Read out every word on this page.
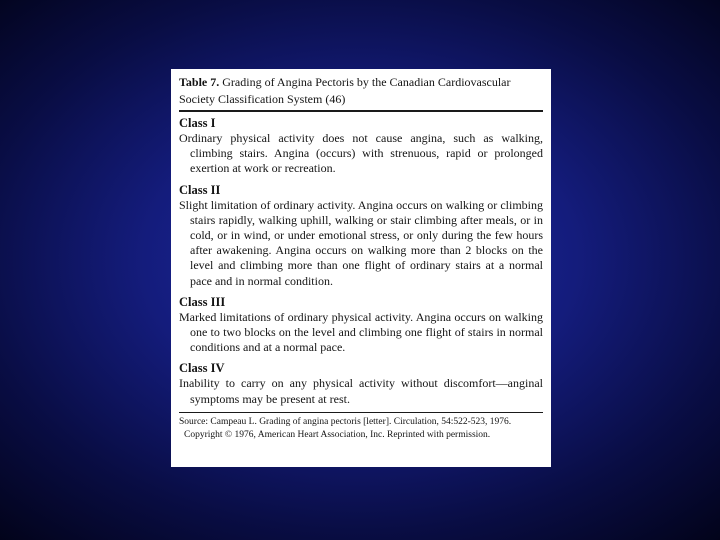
Table 7. Grading of Angina Pectoris by the Canadian Cardiovascular Society Classification System (46)

Class I

Ordinary physical activity does not cause angina, such as walking, climbing stairs. Angina (occurs) with strenuous, rapid or prolonged exertion at work or recreation.

Class II

Slight limitation of ordinary activity. Angina occurs on walking or climbing stairs rapidly, walking uphill, walking or stair climbing after meals, or in cold, or in wind, or under emotional stress, or only during the few hours after awakening. Angina occurs on walking more than 2 blocks on the level and climbing more than one flight of ordinary stairs at a normal pace and in normal condition.

Class III

Marked limitations of ordinary physical activity. Angina occurs on walking one to two blocks on the level and climbing one flight of stairs in normal conditions and at a normal pace.

Class IV

Inability to carry on any physical activity without discomfort—anginal symptoms may be present at rest.

Source: Campeau L. Grading of angina pectoris [letter]. Circulation, 54:522-523, 1976.

Copyright © 1976, American Heart Association, Inc. Reprinted with permission.
